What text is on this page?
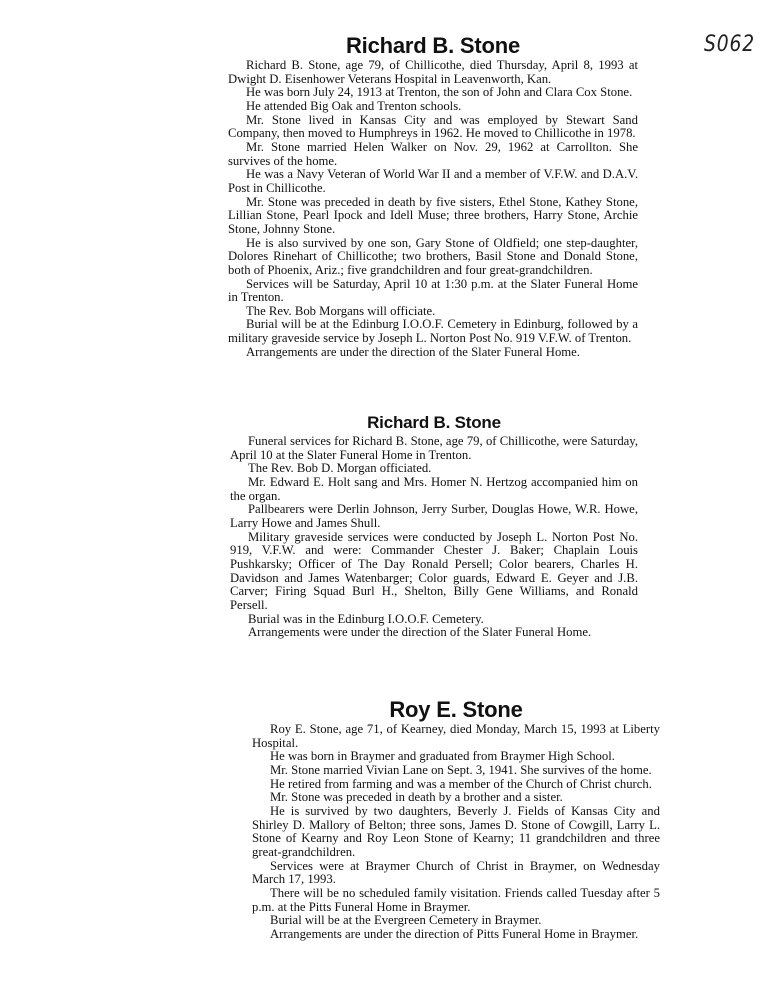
S062
Richard B. Stone

Richard B. Stone, age 79, of Chillicothe, died Thursday, April 8, 1993 at Dwight D. Eisenhower Veterans Hospital in Leavenworth, Kan.

He was born July 24, 1913 at Trenton, the son of John and Clara Cox Stone.

He attended Big Oak and Trenton schools.

Mr. Stone lived in Kansas City and was employed by Stewart Sand Company, then moved to Humphreys in 1962. He moved to Chillicothe in 1978.

Mr. Stone married Helen Walker on Nov. 29, 1962 at Carrollton. She survives of the home.

He was a Navy Veteran of World War II and a member of V.F.W. and D.A.V. Post in Chillicothe.

Mr. Stone was preceded in death by five sisters, Ethel Stone, Kathey Stone, Lillian Stone, Pearl Ipock and Idell Muse; three brothers, Harry Stone, Archie Stone, Johnny Stone.

He is also survived by one son, Gary Stone of Oldfield; one step-daughter, Dolores Rinehart of Chillicothe; two brothers, Basil Stone and Donald Stone, both of Phoenix, Ariz.; five grandchildren and four great-grandchildren.

Services will be Saturday, April 10 at 1:30 p.m. at the Slater Funeral Home in Trenton.

The Rev. Bob Morgans will officiate.

Burial will be at the Edinburg I.O.O.F. Cemetery in Edinburg, followed by a military graveside service by Joseph L. Norton Post No. 919 V.F.W. of Trenton.

Arrangements are under the direction of the Slater Funeral Home.

Richard B. Stone

Funeral services for Richard B. Stone, age 79, of Chillicothe, were Saturday, April 10 at the Slater Funeral Home in Trenton.

The Rev. Bob D. Morgan officiated.

Mr. Edward E. Holt sang and Mrs. Homer N. Hertzog accompanied him on the organ.

Pallbearers were Derlin Johnson, Jerry Surber, Douglas Howe, W.R. Howe, Larry Howe and James Shull.

Military graveside services were conducted by Joseph L. Norton Post No. 919, V.F.W. and were: Commander Chester J. Baker; Chaplain Louis Pushkarsky; Officer of The Day Ronald Persell; Color bearers, Charles H. Davidson and James Watenbarger; Color guards, Edward E. Geyer and J.B. Carver; Firing Squad Burl H., Shelton, Billy Gene Williams, and Ronald Persell.

Burial was in the Edinburg I.O.O.F. Cemetery.

Arrangements were under the direction of the Slater Funeral Home.

Roy E. Stone

Roy E. Stone, age 71, of Kearney, died Monday, March 15, 1993 at Liberty Hospital.

He was born in Braymer and graduated from Braymer High School.

Mr. Stone married Vivian Lane on Sept. 3, 1941. She survives of the home.

He retired from farming and was a member of the Church of Christ church.

Mr. Stone was preceded in death by a brother and a sister.

He is survived by two daughters, Beverly J. Fields of Kansas City and Shirley D. Mallory of Belton; three sons, James D. Stone of Cowgill, Larry L. Stone of Kearny and Roy Leon Stone of Kearny; 11 grandchildren and three great-grandchildren.

Services were at Braymer Church of Christ in Braymer, on Wednesday March 17, 1993.

There will be no scheduled family visitation. Friends called Tuesday after 5 p.m. at the Pitts Funeral Home in Braymer.

Burial will be at the Evergreen Cemetery in Braymer.

Arrangements are under the direction of Pitts Funeral Home in Braymer.
